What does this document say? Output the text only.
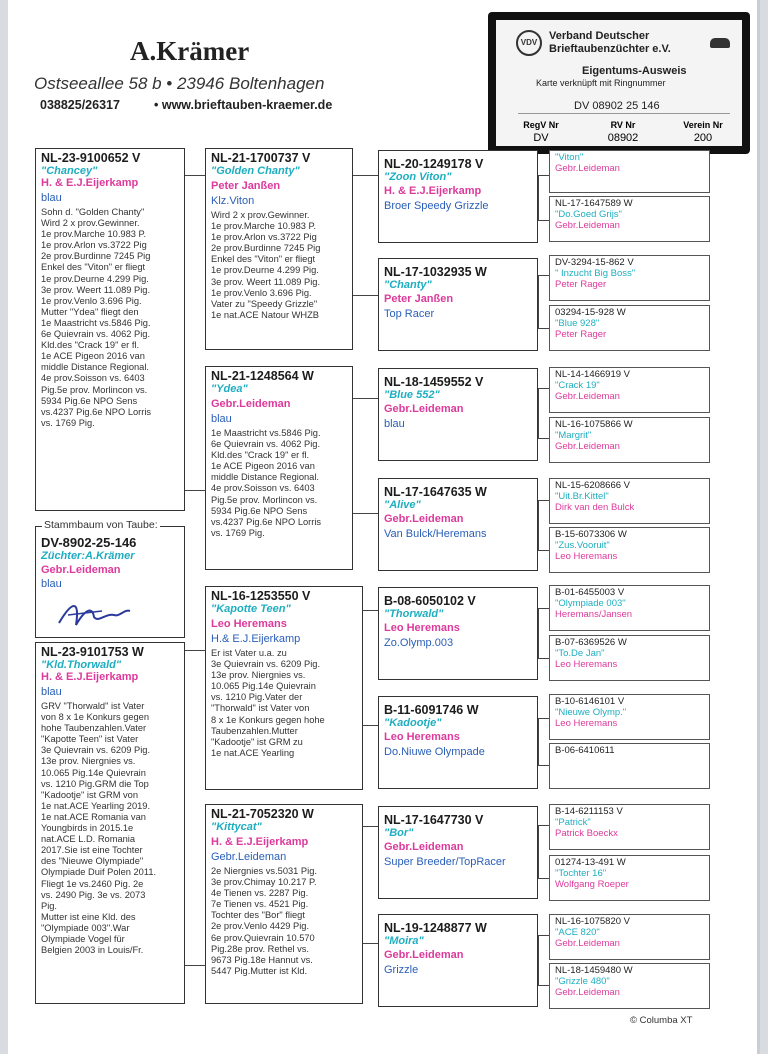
A.Krämer
Ostseeallee 58 b • 23946 Boltenhagen
038825/26317	• www.brieftauben-kraemer.de
VDV
Verband Deutscher
Brieftaubenzüchter e.V.
Eigentums-Ausweis
Karte verknüpft mit Ringnummer
DV 08902 25 146
RegV Nr	RV Nr	Verein Nr
DV	08902	200
NL-23-9100652 V
"Chancey"
H. & E.J.Eijerkamp
blau
Sohn d. "Golden Chanty"
Wird 2 x prov.Gewinner.
1e prov.Marche 10.983 P.
1e prov.Arlon vs.3722 Pig
2e prov.Burdinne 7245 Pig
Enkel des "Viton" er fliegt
1e prov.Deurne 4.299 Pig.
3e prov. Weert 11.089 Pig.
1e prov.Venlo 3.696 Pig.
Mutter "Ydea" fliegt den
1e Maastricht vs.5846 Pig.
6e Quievrain vs. 4062 Pig.
Kld.des "Crack 19" er fl.
1e ACE Pigeon 2016 van
middle Distance Regional.
4e prov.Soisson vs. 6403
Pig.5e prov. Morlincon vs.
5934 Pig.6e NPO Sens
vs.4237 Pig.6e NPO Lorris
vs. 1769 Pig.
Stammbaum von Taube:
DV-8902-25-146
Züchter:A.Krämer
Gebr.Leideman
blau
NL-23-9101753 W
"Kld.Thorwald"
H. & E.J.Eijerkamp
blau
GRV "Thorwald" ist Vater
von 8 x 1e Konkurs gegen
hohe Taubenzahlen.Vater
"Kapotte Teen" ist Vater
3e Quievrain vs. 6209 Pig.
13e prov. Niergnies vs.
10.065 Pig.14e Quievrain
vs. 1210 Pig.GRM die Top
"Kadootje" ist GRM von
1e nat.ACE Yearling 2019.
1e nat.ACE Romania van
Youngbirds in 2015.1e
nat.ACE L.D. Romania
2017.Sie ist eine Tochter
des "Nieuwe Olympiade"
Olympiade Duif Polen 2011.
Fliegt 1e vs.2460 Pig. 2e
vs. 2490 Pig. 3e vs. 2073
Pig.
Mutter ist eine Kld. des
"Olympiade 003".War
Olympiade Vogel für
Belgien 2003 in Louis/Fr.
NL-21-1700737 V
"Golden Chanty"
Peter Janßen
Klz.Viton
Wird 2 x prov.Gewinner.
1e prov.Marche 10.983 P.
1e prov.Arlon vs.3722 Pig
2e prov.Burdinne 7245 Pig
Enkel des "Viton" er fliegt
1e prov.Deurne 4.299 Pig.
3e prov. Weert 11.089 Pig.
1e prov.Venlo 3.696 Pig.
Vater zu "Speedy Grizzle"
1e nat.ACE Natour WHZB
NL-21-1248564 W
"Ydea"
Gebr.Leideman
blau
1e Maastricht vs.5846 Pig.
6e Quievrain vs. 4062 Pig.
Kld.des "Crack 19" er fl.
1e ACE Pigeon 2016 van
middle Distance Regional.
4e prov.Soisson vs. 6403
Pig.5e prov. Morlincon vs.
5934 Pig.6e NPO Sens
vs.4237 Pig.6e NPO Lorris
vs. 1769 Pig.
NL-16-1253550 V
"Kapotte Teen"
Leo Heremans
H.& E.J.Eijerkamp
Er ist Vater u.a. zu
3e Quievrain vs. 6209 Pig.
13e prov. Niergnies vs.
10.065 Pig.14e Quievrain
vs. 1210 Pig.Vater der
"Thorwald" ist Vater von
8 x 1e Konkurs gegen hohe
Taubenzahlen.Mutter
"Kadootje" ist GRM zu
1e nat.ACE Yearling
NL-21-7052320 W
"Kittycat"
H. & E.J.Eijerkamp
Gebr.Leideman
2e Niergnies vs.5031 Pig.
3e prov.Chimay 10.217 P.
4e Tienen vs. 2287 Pig.
7e Tienen vs. 4521 Pig.
Tochter des "Bor" fliegt
2e prov.Venlo 4429 Pig.
6e prov.Quievrain 10.570
Pig.28e prov. Rethel vs.
9673 Pig.18e Hannut vs.
5447 Pig.Mutter ist Kld.
NL-20-1249178 V
"Zoon Viton"
H. & E.J.Eijerkamp
Broer Speedy Grizzle
NL-17-1032935 W
"Chanty"
Peter Janßen
Top Racer
NL-18-1459552 V
"Blue 552"
Gebr.Leideman
blau
NL-17-1647635 W
"Alive"
Gebr.Leideman
Van Bulck/Heremans
B-08-6050102 V
"Thorwald"
Leo Heremans
Zo.Olymp.003
B-11-6091746 W
"Kadootje"
Leo Heremans
Do.Niuwe Olympade
NL-17-1647730 V
"Bor"
Gebr.Leideman
Super Breeder/TopRacer
NL-19-1248877 W
"Moira"
Gebr.Leideman
Grizzle
"Viton"
Gebr.Leideman
NL-17-1647589 W
"Do.Goed Grijs"
Gebr.Leideman
DV-3294-15-862 V
" Inzucht Big Boss"
Peter Rager
03294-15-928 W
"Blue 928"
Peter Rager
NL-14-1466919 V
"Crack 19"
Gebr.Leideman
NL-16-1075866 W
"Margrit"
Gebr.Leideman
NL-15-6208666 V
"Uit.Br.Kittel"
Dirk van den Bulck
B-15-6073306 W
"Zus.Vooruit"
Leo Heremans
B-01-6455003 V
"Olympiade 003"
Heremans/Jansen
B-07-6369526 W
"To.De Jan"
Leo Heremans
B-10-6146101 V
"Nieuwe Olymp."
Leo Heremans
B-06-6410611
B-14-6211153 V
"Patrick"
Patrick Boeckx
01274-13-491 W
"Tochter 16"
Wolfgang Roeper
NL-16-1075820 V
"ACE 820"
Gebr.Leideman
NL-18-1459480 W
"Grizzle 480"
Gebr.Leideman
© Columba XT
